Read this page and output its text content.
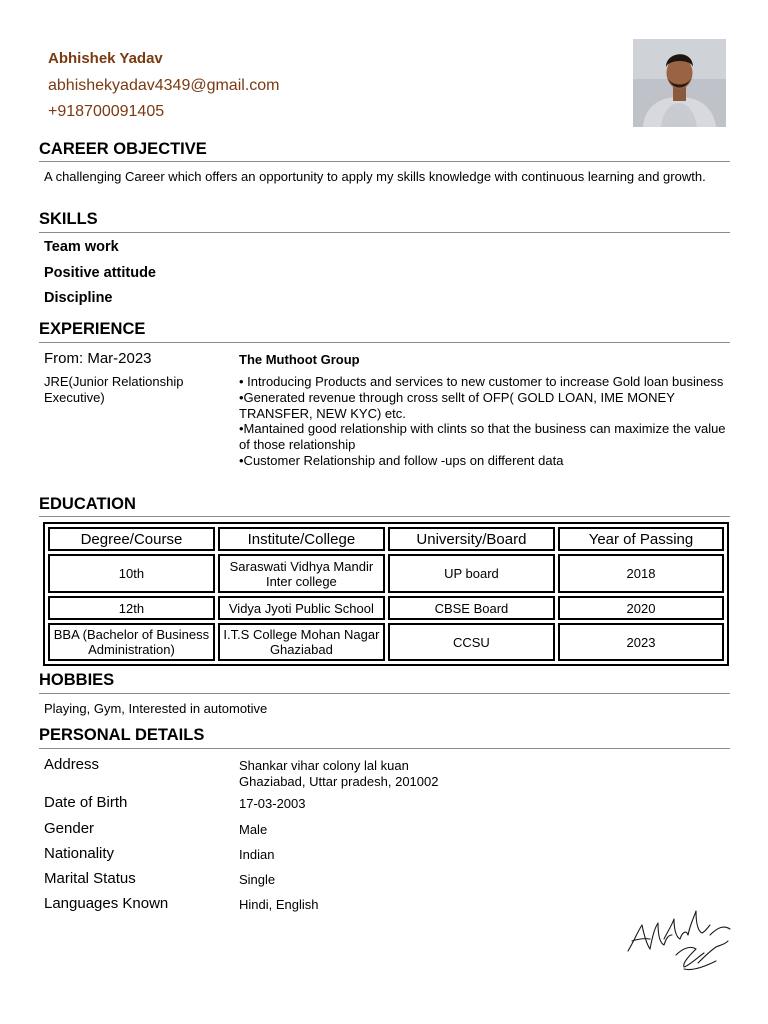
Abhishek Yadav
abhishekyadav4349@gmail.com
+918700091405
CAREER OBJECTIVE
A challenging Career which offers an opportunity to apply my skills knowledge with continuous learning and growth.
SKILLS
Team work
Positive attitude
Discipline
EXPERIENCE
From: Mar-2023	The Muthoot Group
JRE(Junior Relationship Executive)
• Introducing Products and services to new customer to increase Gold loan business
•Generated revenue through cross sellt of OFP( GOLD LOAN, IME MONEY TRANSFER, NEW KYC) etc.
•Mantained good relationship with clints so that the business can maximize the value of those relationship
•Customer Relationship and follow -ups on different data
EDUCATION
Degree/Course	Institute/College	University/Board	Year of Passing
10th	Saraswati Vidhya Mandir Inter college	UP board	2018
12th	Vidya Jyoti Public School	CBSE Board	2020
BBA (Bachelor of Business Administration)	I.T.S College Mohan Nagar Ghaziabad	CCSU	2023
HOBBIES
Playing, Gym, Interested in automotive
PERSONAL DETAILS
Address	Shankar vihar colony lal kuan
Ghaziabad, Uttar pradesh, 201002
Date of Birth	17-03-2003
Gender	Male
Nationality	Indian
Marital Status	Single
Languages Known	Hindi, English
